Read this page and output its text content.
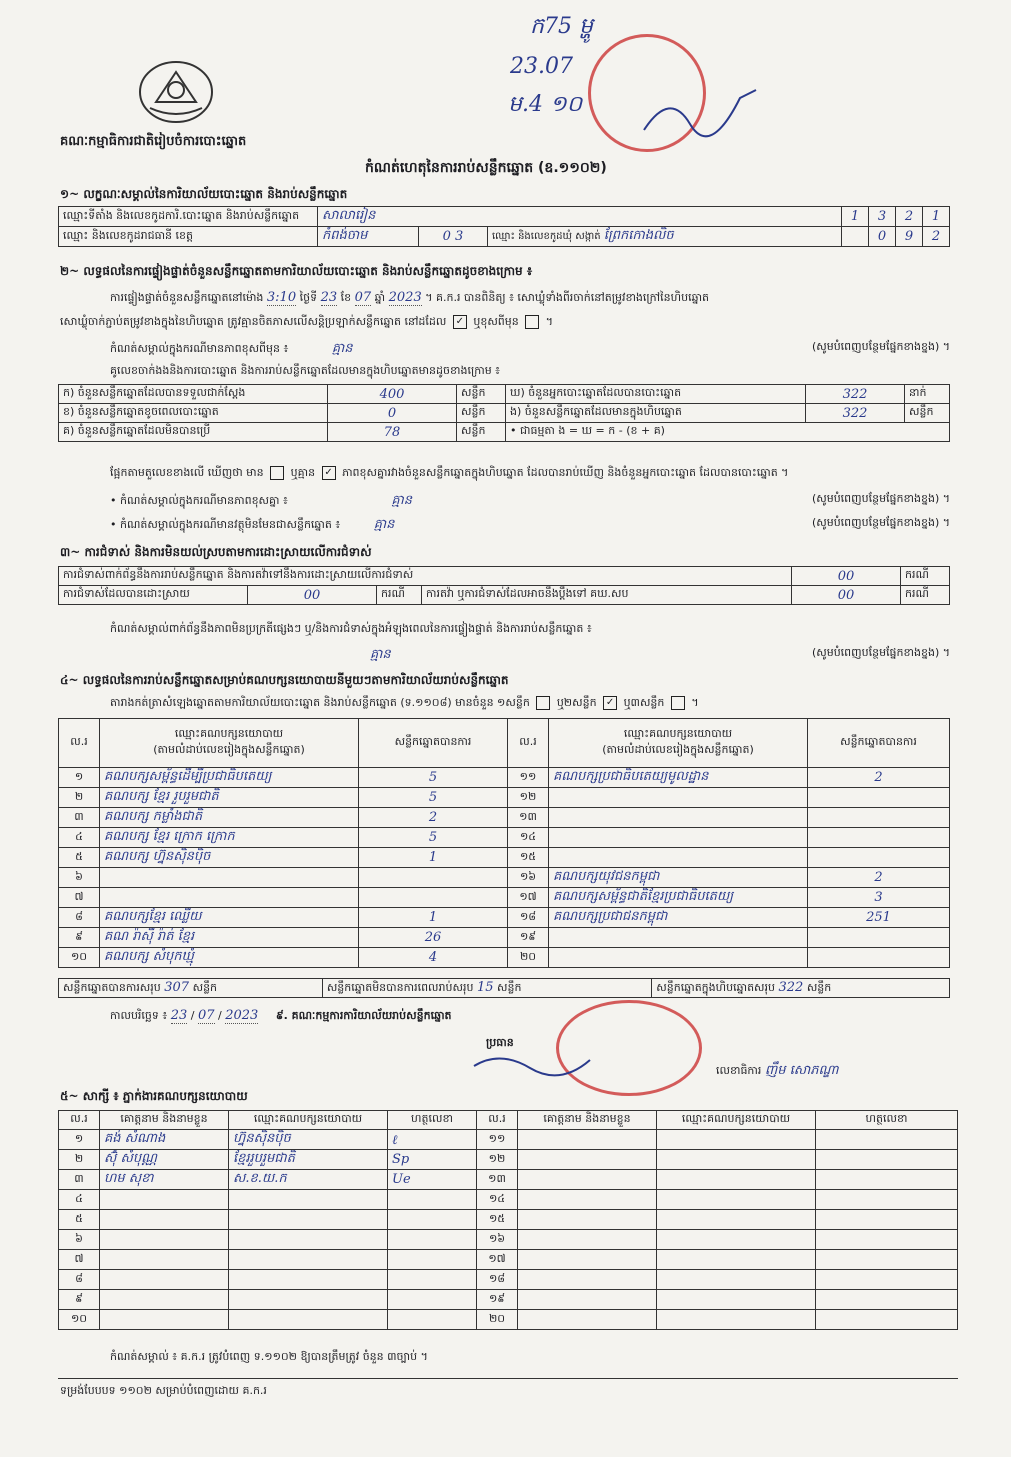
ក75 ម្ហូ
23.07
ម.4 ១០
គណៈកម្មាធិការជាតិរៀបចំការបោះឆ្នោត
កំណត់ហេតុនៃការរាប់សន្លឹកឆ្នោត (ឧ.១១០២)
១~ លក្ខណៈសម្គាល់នៃការិយាល័យបោះឆ្នោត និងរាប់សន្លឹកឆ្នោត
ឈ្មោះទីតាំង និងលេខកូដការិ.បោះឆ្នោត និងរាប់សន្លឹកឆ្នោត	សាលារៀន			1	3	2	1
ឈ្មោះ និងលេខកូដរាជធានី ខេត្ត	កំពង់ចាម	0 3	ឈ្មោះ និងលេខកូដឃុំ សង្កាត់ ព្រែកកោងលិច		0	9	2
២~ លទ្ធផលនៃការផ្ទៀងផ្ទាត់ចំនួនសន្លឹកឆ្នោតតាមការិយាល័យបោះឆ្នោត និងរាប់សន្លឹកឆ្នោតដូចខាងក្រោម ៖
ការផ្ទៀងផ្ទាត់ចំនួនសន្លឹកឆ្នោតនៅម៉ោង 3:10 ថ្ងៃទី 23 ខែ 07 ឆ្នាំ 2023 ។ គ.ក.រ បានពិនិត្យ ៖ សោឃ្លុំទាំងពីរចាក់នៅតម្រូវខាងក្រៅនៃហិបឆ្នោត
សោឃ្លុំចាក់ភ្ជាប់តម្រូវខាងក្នុងនៃហិបឆ្នោត ត្រូវគ្មានចិតភាសលើសន្តិប្រឡាក់សន្លឹកឆ្នោត នៅដដែល ✓ ឬខុសពីមុន  ។
កំណត់សម្គាល់ក្នុងករណីមានភាពខុសពីមុន ៖	គ្មាន	(សូមបំពេញបន្ថែមផ្នែកខាងខ្នង) ។
គូលេខចាក់ងងនិងការបោះឆ្នោត និងការរាប់សន្លឹកឆ្នោតដែលមានក្នុងហិបឆ្នោតមានដូចខាងក្រោម ៖
ក) ចំនួនសន្លឹកឆ្នោតដែលបានទទួលជាក់ស្តែង	400	សន្លឹក	ឃ) ចំនួនអ្នកបោះឆ្នោតដែលបានបោះឆ្នោត	322	នាក់
ខ) ចំនួនសន្លឹកឆ្នោតខូចពេលបោះឆ្នោត	0	សន្លឹក	ង) ចំនួនសន្លឹកឆ្នោតដែលមានក្នុងហិបឆ្នោត	322	សន្លឹក
គ) ចំនួនសន្លឹកឆ្នោតដែលមិនបានប្រើ	78	សន្លឹក	• ជាធម្មតា ង = ឃ = ក - (ខ + គ)		
ផ្អែកតាមតួលេខខាងលើ ឃើញថា មាន ឬគ្មាន ✓ ភាពខុសគ្នារវាងចំនួនសន្លឹកឆ្នោតក្នុងហិបឆ្នោត ដែលបានរាប់ឃើញ និងចំនួនអ្នកបោះឆ្នោត ដែលបានបោះឆ្នោត ។
• កំណត់សម្គាល់ក្នុងករណីមានភាពខុសគ្នា ៖	គ្មាន	(សូមបំពេញបន្ថែមផ្នែកខាងខ្នង) ។
• កំណត់សម្គាល់ក្នុងករណីមានវត្ថុមិនមែនជាសន្លឹកឆ្នោត ៖	គ្មាន	(សូមបំពេញបន្ថែមផ្នែកខាងខ្នង) ។
៣~ ការជំទាស់ និងការមិនយល់ស្របតាមការដោះស្រាយលើការជំទាស់
ការជំទាស់ពាក់ព័ន្ធនឹងការរាប់សន្លឹកឆ្នោត និងការតវ៉ាទៅនឹងការដោះស្រាយលើការជំទាស់				00	ករណី
ការជំទាស់ដែលបានដោះស្រាយ	00	ករណី	ការតវ៉ា ឬការជំទាស់ដែលអាចនឹងប្តឹងទៅ គឃ.សប	00	ករណី
កំណត់សម្គាល់ពាក់ព័ន្ធនឹងភាពមិនប្រក្រតីផ្សេងៗ ឬ/និងការជំទាស់ក្នុងអំឡុងពេលនៃការផ្ទៀងផ្ទាត់ និងការរាប់សន្លឹកឆ្នោត ៖
គ្មាន	(សូមបំពេញបន្ថែមផ្នែកខាងខ្នង) ។
៤~ លទ្ធផលនៃការរាប់សន្លឹកឆ្នោតសម្រាប់គណបក្សនយោបាយនីមួយៗតាមការិយាល័យរាប់សន្លឹកឆ្នោត
តារាងកត់ត្រាសំឡេងឆ្នោតតាមការិយាល័យបោះឆ្នោត និងរាប់សន្លឹកឆ្នោត (ទ.១១០៨) មានចំនួន ១សន្លឹក ឬ២សន្លឹក ✓ ឬ៣សន្លឹក  ។
ល.រ	ឈ្មោះគណបក្សនយោបាយ
(តាមលំដាប់លេខរៀងក្នុងសន្លឹកឆ្នោត)	សន្លឹកឆ្នោតបានការ	ល.រ	ឈ្មោះគណបក្សនយោបាយ
(តាមលំដាប់លេខរៀងក្នុងសន្លឹកឆ្នោត)	សន្លឹកឆ្នោតបានការ
១	គណបក្សសម្ព័ន្ធដើម្បីប្រជាធិបតេយ្យ	5	១១	គណបក្សប្រជាធិបតេយ្យមូលដ្ឋាន	2
២	គណបក្ស ខ្មែរ រួបរួមជាតិ	5	១២		
៣	គណបក្ស កម្លាំងជាតិ	2	១៣		
៤	គណបក្ស ខ្មែរ ក្រោក ក្រោក	5	១៤		
៥	គណបក្ស ហ្វ៊ុនស៊ិនប៉ិច	1	១៥		
៦			១៦	គណបក្សយុវជនកម្ពុជា	2
៧			១៧	គណបក្សសម្ព័ន្ធជាតិខ្មែរប្រជាធិបតេយ្យ	3
៨	គណបក្សខ្មែរ ឈ្លើយ	1	១៨	គណបក្សប្រជាជនកម្ពុជា	251
៩	គណ រ៉ាស៊ី រ៉ាត់ ខ្មែរ	26	១៩		
១០	គណបក្ស សំបុកឃ្មុំ	4	២០		
សន្លឹកឆ្នោតបានការសរុប 307 សន្លឹក	សន្លឹកឆ្នោតមិនបានការពេលរាប់សរុប 15 សន្លឹក	សន្លឹកឆ្នោតក្នុងហិបឆ្នោតសរុប 322 សន្លឹក
កាលបរិច្ឆេទ ៖ 23 / 07 / 2023 ៩. គណៈកម្មការការិយាល័យរាប់សន្លឹកឆ្នោត
ប្រធាន
លេខាធិការ ញឹម សោភណ្ឌា
៥~ សាក្សី ៖ ភ្នាក់ងារគណបក្សនយោបាយ
ល.រ	គោត្តនាម និងនាមខ្លួន	ឈ្មោះគណបក្សនយោបាយ	ហត្ថលេខា	ល.រ	គោត្តនាម និងនាមខ្លួន	ឈ្មោះគណបក្សនយោបាយ	ហត្ថលេខា
១	គង់ សំណាង	ហ្វ៊ុនស៊ិនប៉ិច	ℓ	១១			
២	ស៊ុំ សំបុណ្ណ	ខ្មែររួបរួមជាតិ	Sp	១២			
៣	ហម សុខា	ស.ខ.យ.ក	Ue	១៣			
៤				១៤			
៥				១៥			
៦				១៦			
៧				១៧			
៨				១៨			
៩				១៩			
១០				២០			
កំណត់សម្គាល់ ៖ គ.ក.រ ត្រូវបំពេញ ទ.១១០២ ឱ្យបានត្រឹមត្រូវ ចំនួន ៣ច្បាប់ ។
ទម្រង់បែបបទ ១១០២ សម្រាប់បំពេញដោយ គ.ក.រ
